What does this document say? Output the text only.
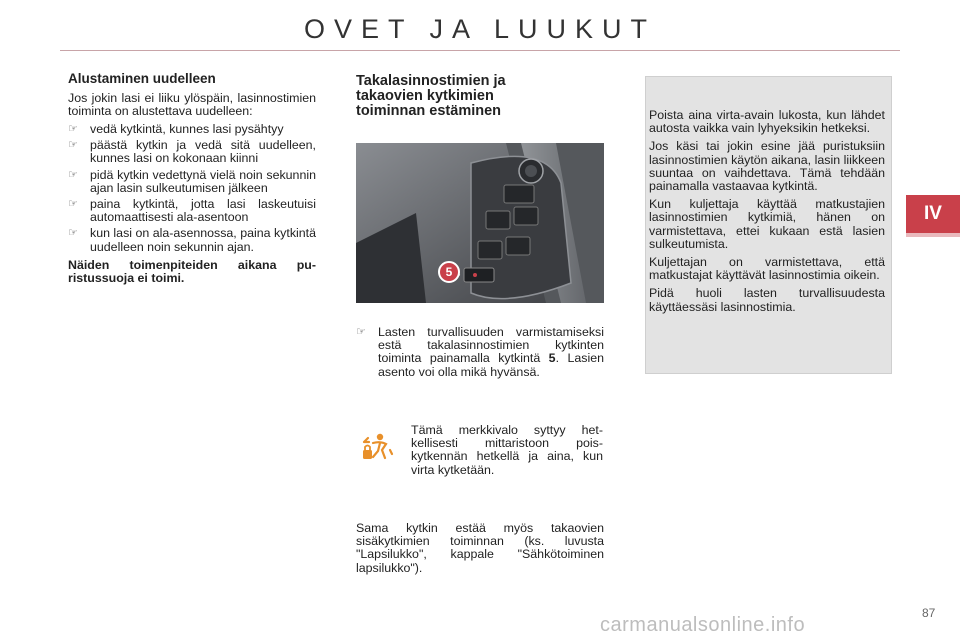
OVET JA LUUKUT

Alustaminen uudelleen

Jos jokin lasi ei liiku ylöspäin, lasinnostimien toiminta on alustettava uudelleen:

☞ vedä kytkintä, kunnes lasi pysähtyy
☞ päästä kytkin ja vedä sitä uudelleen, kunnes lasi on kokonaan kiinni
☞ pidä kytkin vedettynä vielä noin sekunnin ajan lasin sulkeutumisen jälkeen
☞ paina kytkintä, jotta lasi laskeutuisi automaattisesti ala-asentoon
☞ kun lasi on ala-asennossa, paina kytkintä uudelleen noin sekunnin ajan.

Näiden toimenpiteiden aikana puristussuoja ei toimi.

Takalasinnostimien ja
takaovien kytkimien
toiminnan estäminen
5
☞ Lasten turvallisuuden varmistamiseksi estä takalasinnostimien kytkinten toiminta painamalla kytkintä 5. Lasien asento voi olla mikä hyvänsä.

Tämä merkkivalo syttyy hetkellisesti mittaristoon poiskytkennän hetkellä ja aina, kun virta kytketään.

Sama kytkin estää myös takaovien sisäkytkimien toiminnan (ks. luvusta "Lapsilukko", kappale "Sähkötoiminen lapsilukko").

Poista aina virta-avain lukosta, kun lähdet autosta vaikka vain lyhyeksikin hetkeksi.

Jos käsi tai jokin esine jää puristuksiin lasinnostimien käytön aikana, lasin liikkeen suuntaa on vaihdettava. Tämä tehdään painamalla vastaavaa kytkintä.

Kun kuljettaja käyttää matkustajien lasinnostimien kytkimiä, hänen on varmistettava, ettei kukaan estä lasien sulkeutumista.

Kuljettajan on varmistettava, että matkustajat käyttävät lasinnostimia oikein.

Pidä huoli lasten turvallisuudesta käyttäessäsi lasinnostimia.

IV
87
carmanualsonline.info
